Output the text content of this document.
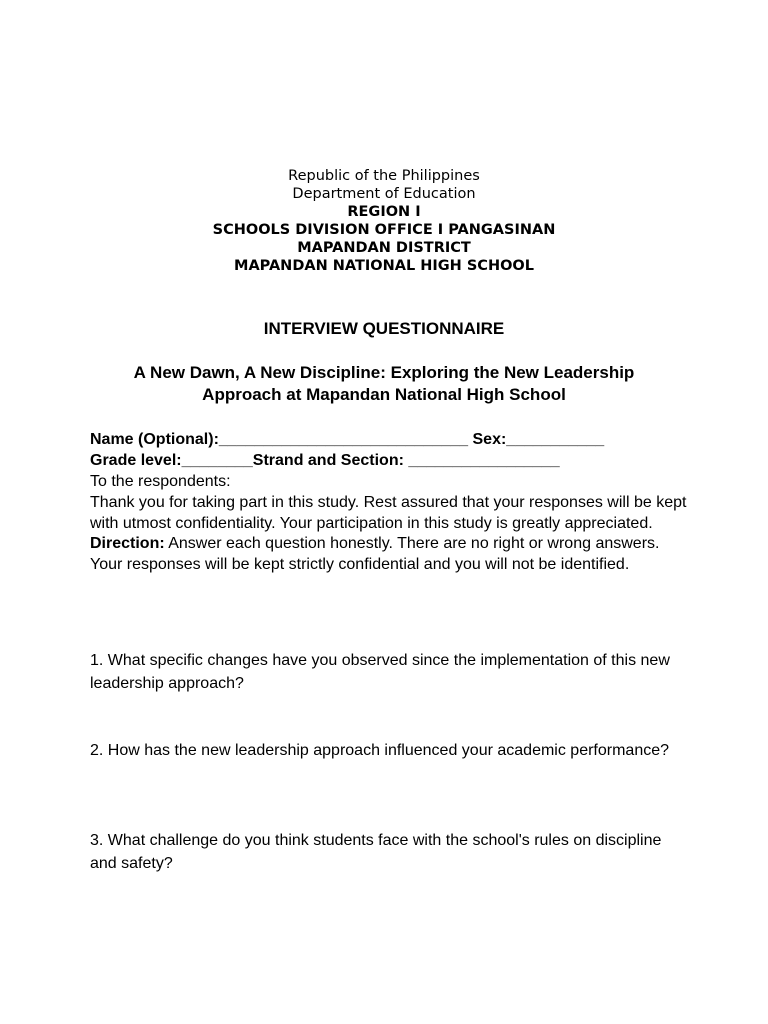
Republic of the Philippines
Department of Education
REGION I
SCHOOLS DIVISION OFFICE I PANGASINAN
MAPANDAN DISTRICT
MAPANDAN NATIONAL HIGH SCHOOL
INTERVIEW QUESTIONNAIRE
A New Dawn, A New Discipline: Exploring the New Leadership
Approach at Mapandan National High School
Name (Optional):____________________________ Sex:___________
Grade level:________Strand and Section: _________________
To the respondents:
Thank you for taking part in this study. Rest assured that your responses will be kept with utmost confidentiality. Your participation in this study is greatly appreciated.
Direction: Answer each question honestly. There are no right or wrong answers. Your responses will be kept strictly confidential and you will not be identified.
1. What specific changes have you observed since the implementation of this new leadership approach?
2. How has the new leadership approach influenced your academic performance?
3. What challenge do you think students face with the school's rules on discipline and safety?
